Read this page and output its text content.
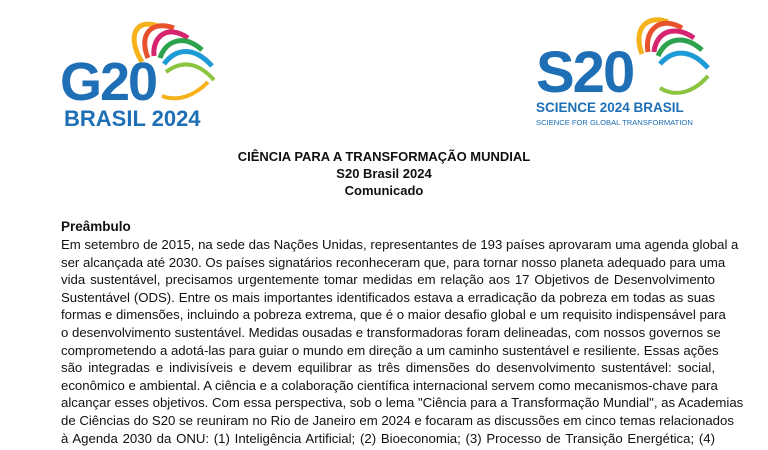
G20
BRASIL 2024
S20
SCIENCE 2024 BRASIL
SCIENCE FOR GLOBAL TRANSFORMATION
CIÊNCIA PARA A TRANSFORMAÇÃO MUNDIAL
S20 Brasil 2024
Comunicado
Preâmbulo
Em setembro de 2015, na sede das Nações Unidas, representantes de 193 países aprovaram uma agenda global a
ser alcançada até 2030. Os países signatários reconheceram que, para tornar nosso planeta adequado para uma
vida sustentável, precisamos urgentemente tomar medidas em relação aos 17 Objetivos de Desenvolvimento
Sustentável (ODS). Entre os mais importantes identificados estava a erradicação da pobreza em todas as suas
formas e dimensões, incluindo a pobreza extrema, que é o maior desafio global e um requisito indispensável para
o desenvolvimento sustentável. Medidas ousadas e transformadoras foram delineadas, com nossos governos se
comprometendo a adotá-las para guiar o mundo em direção a um caminho sustentável e resiliente. Essas ações
são integradas e indivisíveis e devem equilibrar as três dimensões do desenvolvimento sustentável: social,
econômico e ambiental. A ciência e a colaboração científica internacional servem como mecanismos-chave para
alcançar esses objetivos. Com essa perspectiva, sob o lema "Ciência para a Transformação Mundial", as Academias
de Ciências do S20 se reuniram no Rio de Janeiro em 2024 e focaram as discussões em cinco temas relacionados
à Agenda 2030 da ONU: (1) Inteligência Artificial; (2) Bioeconomia; (3) Processo de Transição Energética; (4)
